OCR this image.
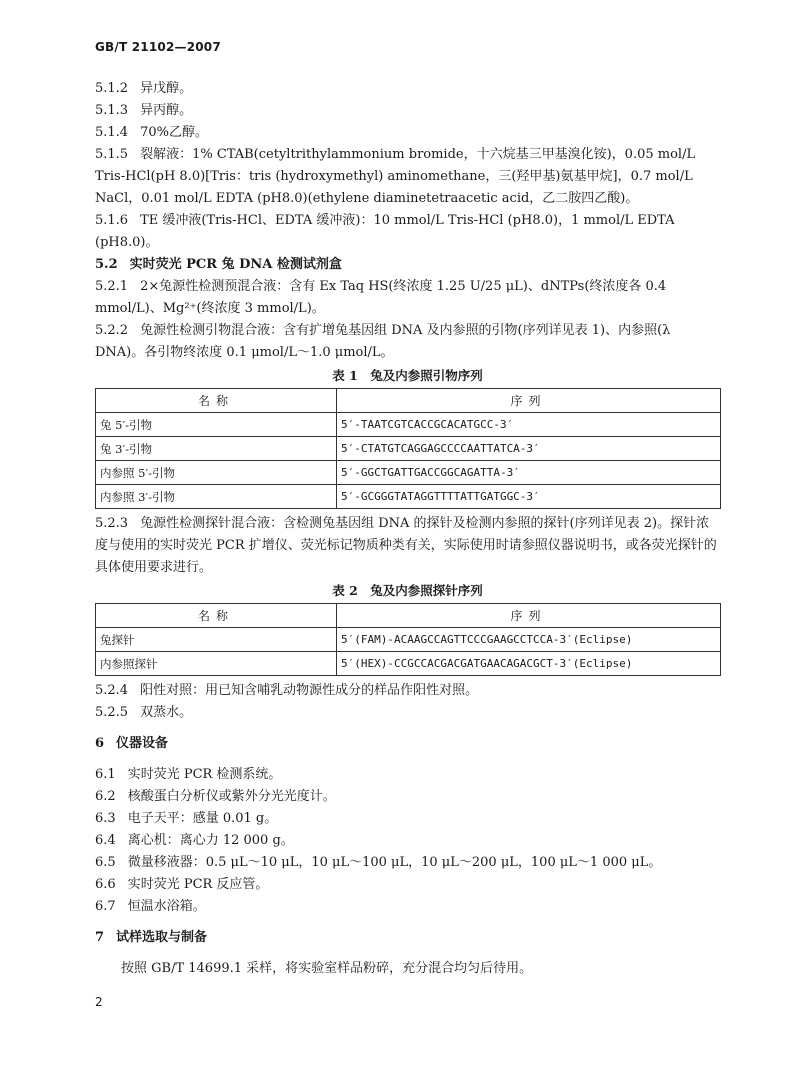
GB/T 21102—2007
5.1.2 异戊醇。
5.1.3 异丙醇。
5.1.4 70%乙醇。
5.1.5 裂解液：1% CTAB(cetyltrithylammonium bromide，十六烷基三甲基溴化铵)，0.05 mol/L Tris-HCl(pH 8.0)[Tris：tris (hydroxymethyl) aminomethane，三(羟甲基)氨基甲烷]，0.7 mol/L NaCl，0.01 mol/L EDTA (pH8.0)(ethylene diaminetetraacetic acid，乙二胺四乙酸)。
5.1.6 TE 缓冲液(Tris-HCl、EDTA 缓冲液)：10 mmol/L Tris-HCl (pH8.0)，1 mmol/L EDTA (pH8.0)。
5.2 实时荧光 PCR 兔 DNA 检测试剂盒
5.2.1 2×兔源性检测预混合液：含有 Ex Taq HS(终浓度 1.25 U/25 μL)、dNTPs(终浓度各 0.4 mmol/L)、Mg²⁺(终浓度 3 mmol/L)。
5.2.2 兔源性检测引物混合液：含有扩增兔基因组 DNA 及内参照的引物(序列详见表 1)、内参照(λ DNA)。各引物终浓度 0.1 μmol/L～1.0 μmol/L。
表 1　兔及内参照引物序列
名称	序列
兔 5′-引物	5′-TAATCGTCACCGCACATGCC-3′
兔 3′-引物	5′-CTATGTCAGGAGCCCCAATTATCA-3′
内参照 5′-引物	5′-GGCTGATTGACCGGCAGATTA-3′
内参照 3′-引物	5′-GCGGGTATAGGTTTTATTGATGGC-3′
5.2.3 兔源性检测探针混合液：含检测兔基因组 DNA 的探针及检测内参照的探针(序列详见表 2)。探针浓度与使用的实时荧光 PCR 扩增仪、荧光标记物质种类有关，实际使用时请参照仪器说明书，或各荧光探针的具体使用要求进行。
表 2　兔及内参照探针序列
名称	序列
兔探针	5′(FAM)-ACAAGCCAGTTCCCGAAGCCTCCA-3′(Eclipse)
内参照探针	5′(HEX)-CCGCCACGACGATGAACAGACGCT-3′(Eclipse)
5.2.4 阳性对照：用已知含哺乳动物源性成分的样品作阳性对照。
5.2.5 双蒸水。
6 仪器设备
6.1 实时荧光 PCR 检测系统。
6.2 核酸蛋白分析仪或紫外分光光度计。
6.3 电子天平：感量 0.01 g。
6.4 离心机：离心力 12 000 g。
6.5 微量移液器：0.5 μL～10 μL，10 μL～100 μL，10 μL～200 μL，100 μL～1 000 μL。
6.6 实时荧光 PCR 反应管。
6.7 恒温水浴箱。
7 试样选取与制备
按照 GB/T 14699.1 采样，将实验室样品粉碎，充分混合均匀后待用。
2
